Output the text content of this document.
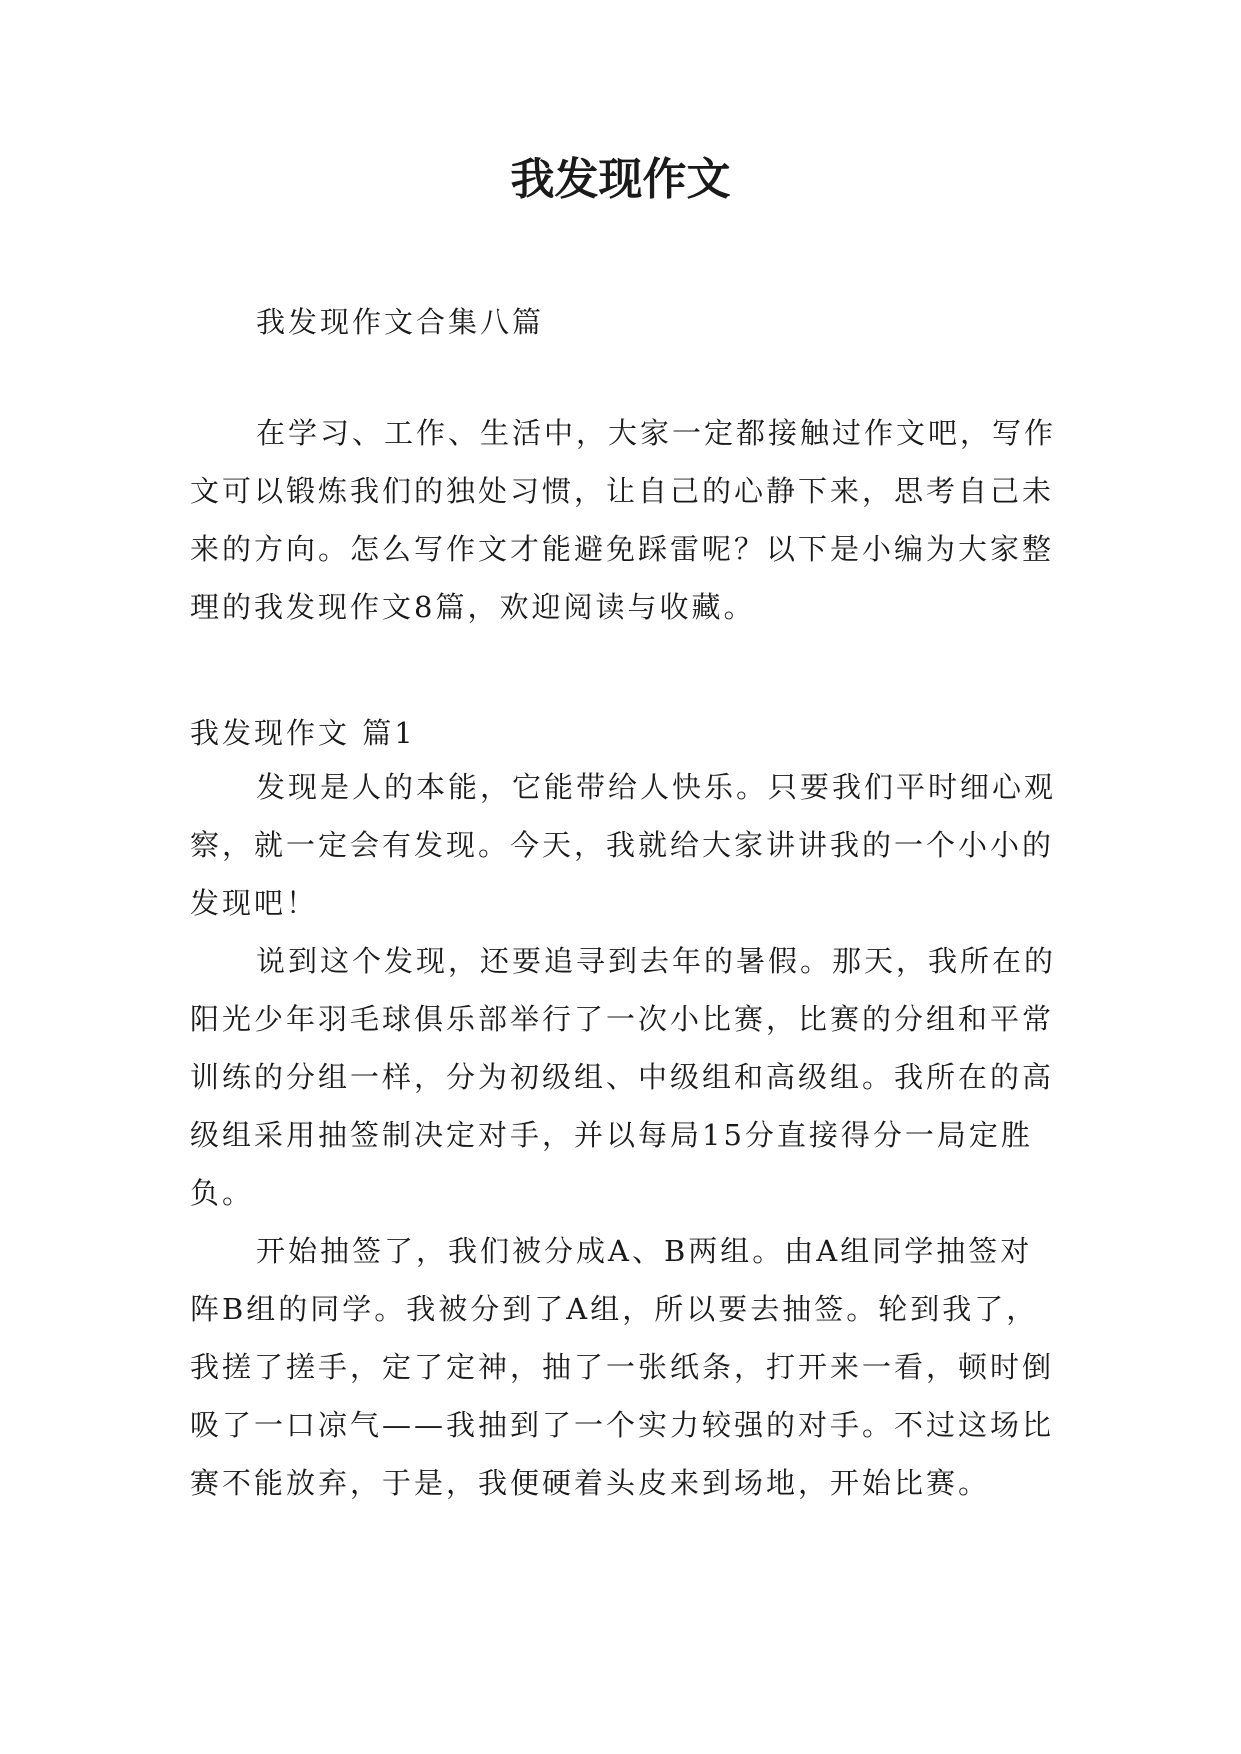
我发现作文

我发现作文合集八篇

在学习、工作、生活中，大家一定都接触过作文吧，写作文可以锻炼我们的独处习惯，让自己的心静下来，思考自己未来的方向。怎么写作文才能避免踩雷呢？以下是小编为大家整理的我发现作文8篇，欢迎阅读与收藏。

我发现作文 篇1

发现是人的本能，它能带给人快乐。只要我们平时细心观察，就一定会有发现。今天，我就给大家讲讲我的一个小小的发现吧！

说到这个发现，还要追寻到去年的暑假。那天，我所在的阳光少年羽毛球俱乐部举行了一次小比赛，比赛的分组和平常训练的分组一样，分为初级组、中级组和高级组。我所在的高级组采用抽签制决定对手，并以每局15分直接得分一局定胜负。

开始抽签了，我们被分成A、B两组。由A组同学抽签对阵B组的同学。我被分到了A组，所以要去抽签。轮到我了，我搓了搓手，定了定神，抽了一张纸条，打开来一看，顿时倒吸了一口凉气——我抽到了一个实力较强的对手。不过这场比赛不能放弃，于是，我便硬着头皮来到场地，开始比赛。
